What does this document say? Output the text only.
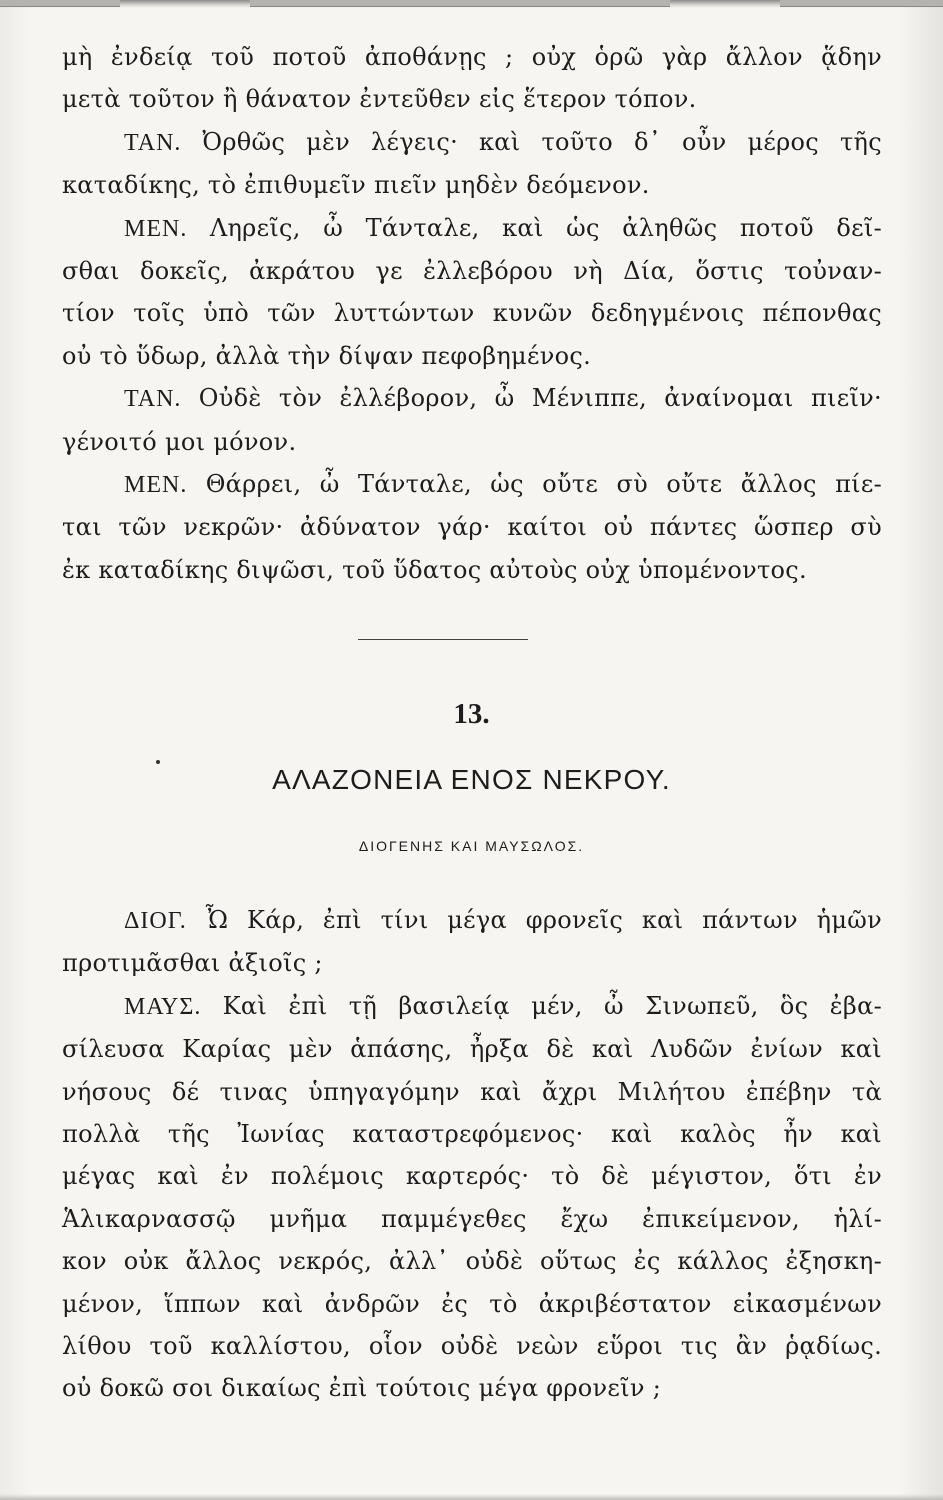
μὴ ἐνδείᾳ τοῦ ποτοῦ ἀποθάνῃς ; οὐχ ὁρῶ γὰρ ἄλλον ᾅδην
μετὰ τοῦτον ἢ θάνατον ἐντεῦθεν εἰς ἕτερον τόπον.
ΤΑΝ. Ὀρθῶς μὲν λέγεις· καὶ τοῦτο δ᾽ οὖν μέρος τῆς
καταδίκης, τὸ ἐπιθυμεῖν πιεῖν μηδὲν δεόμενον.
ΜΕΝ. Ληρεῖς, ὦ Τάνταλε, καὶ ὡς ἀληθῶς ποτοῦ δεῖ-
σθαι δοκεῖς, ἀκράτου γε ἐλλεβόρου νὴ Δία, ὅστις τοὐναν-
τίον τοῖς ὑπὸ τῶν λυττώντων κυνῶν δεδηγμένοις πέπονθας
οὐ τὸ ὕδωρ, ἀλλὰ τὴν δίψαν πεφοβημένος.
ΤΑΝ. Οὐδὲ τὸν ἐλλέβορον, ὦ Μένιππε, ἀναίνομαι πιεῖν·
γένοιτό μοι μόνον.
ΜΕΝ. Θάρρει, ὦ Τάνταλε, ὡς οὔτε σὺ οὔτε ἄλλος πίε-
ται τῶν νεκρῶν· ἀδύνατον γάρ· καίτοι οὐ πάντες ὥσπερ σὺ
ἐκ καταδίκης διψῶσι, τοῦ ὕδατος αὐτοὺς οὐχ ὑπομένοντος.
13.
ΑΛΑΖΟΝΕΙΑ ΕΝΟΣ ΝΕΚΡΟΥ.
ΔΙΟΓΕΝΗΣ ΚΑΙ ΜΑΥΣΩΛΟΣ.
ΔΙΟΓ. Ὦ Κάρ, ἐπὶ τίνι μέγα φρονεῖς καὶ πάντων ἡμῶν
προτιμᾶσθαι ἀξιοῖς ;
ΜΑΥΣ. Καὶ ἐπὶ τῇ βασιλείᾳ μέν, ὦ Σινωπεῦ, ὃς ἐβα-
σίλευσα Καρίας μὲν ἁπάσης, ἦρξα δὲ καὶ Λυδῶν ἐνίων καὶ
νήσους δέ τινας ὑπηγαγόμην καὶ ἄχρι Μιλήτου ἐπέβην τὰ
πολλὰ τῆς Ἰωνίας καταστρεφόμενος· καὶ καλὸς ἦν καὶ
μέγας καὶ ἐν πολέμοις καρτερός· τὸ δὲ μέγιστον, ὅτι ἐν
Ἁλικαρνασσῷ μνῆμα παμμέγεθες ἔχω ἐπικείμενον, ἡλί-
κον οὐκ ἄλλος νεκρός, ἀλλ᾽ οὐδὲ οὕτως ἐς κάλλος ἐξησκη-
μένον, ἵππων καὶ ἀνδρῶν ἐς τὸ ἀκριβέστατον εἰκασμένων
λίθου τοῦ καλλίστου, οἷον οὐδὲ νεὼν εὕροι τις ἂν ῥᾳδίως.
οὐ δοκῶ σοι δικαίως ἐπὶ τούτοις μέγα φρονεῖν ;
